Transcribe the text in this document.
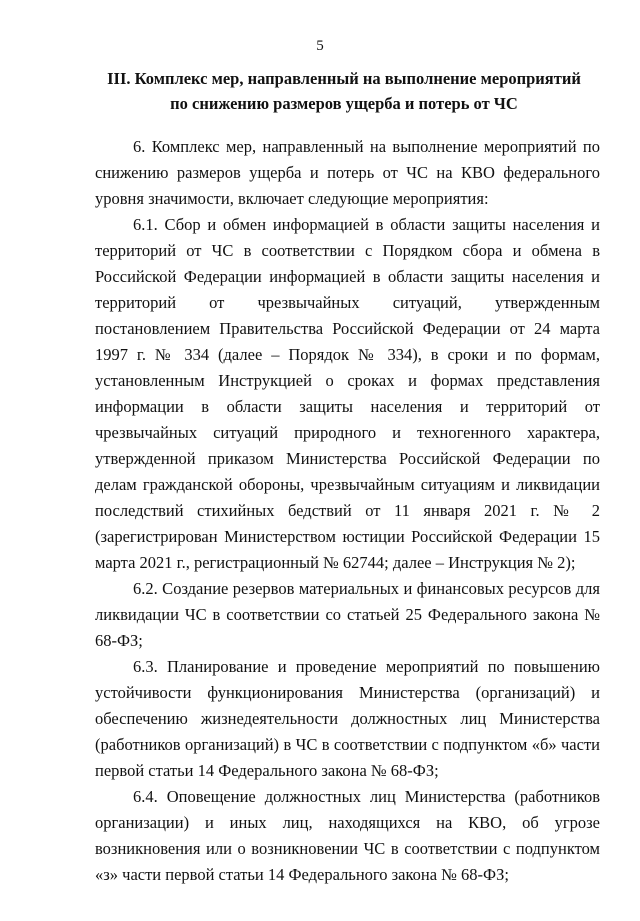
5
III. Комплекс мер, направленный на выполнение мероприятий
по снижению размеров ущерба и потерь от ЧС

6. Комплекс мер, направленный на выполнение мероприятий по снижению размеров ущерба и потерь от ЧС на КВО федерального уровня значимости, включает следующие мероприятия:

6.1. Сбор и обмен информацией в области защиты населения и территорий от ЧС в соответствии с Порядком сбора и обмена в Российской Федерации информацией в области защиты населения и территорий от чрезвычайных ситуаций, утвержденным постановлением Правительства Российской Федерации от 24 марта 1997 г. № 334 (далее – Порядок № 334), в сроки и по формам, установленным Инструкцией о сроках и формах представления информации в области защиты населения и территорий от чрезвычайных ситуаций природного и техногенного характера, утвержденной приказом Министерства Российской Федерации по делам гражданской обороны, чрезвычайным ситуациям и ликвидации последствий стихийных бедствий от 11 января 2021 г. № 2 (зарегистрирован Министерством юстиции Российской Федерации 15 марта 2021 г., регистрационный № 62744; далее – Инструкция № 2);

6.2. Создание резервов материальных и финансовых ресурсов для ликвидации ЧС в соответствии со статьей 25 Федерального закона № 68-ФЗ;

6.3. Планирование и проведение мероприятий по повышению устойчивости функционирования Министерства (организаций) и обеспечению жизнедеятельности должностных лиц Министерства (работников организаций) в ЧС в соответствии с подпунктом «б» части первой статьи 14 Федерального закона № 68-ФЗ;

6.4. Оповещение должностных лиц Министерства (работников организации) и иных лиц, находящихся на КВО, об угрозе возникновения или о возникновении ЧС в соответствии с подпунктом «з» части первой статьи 14 Федерального закона № 68-ФЗ;
